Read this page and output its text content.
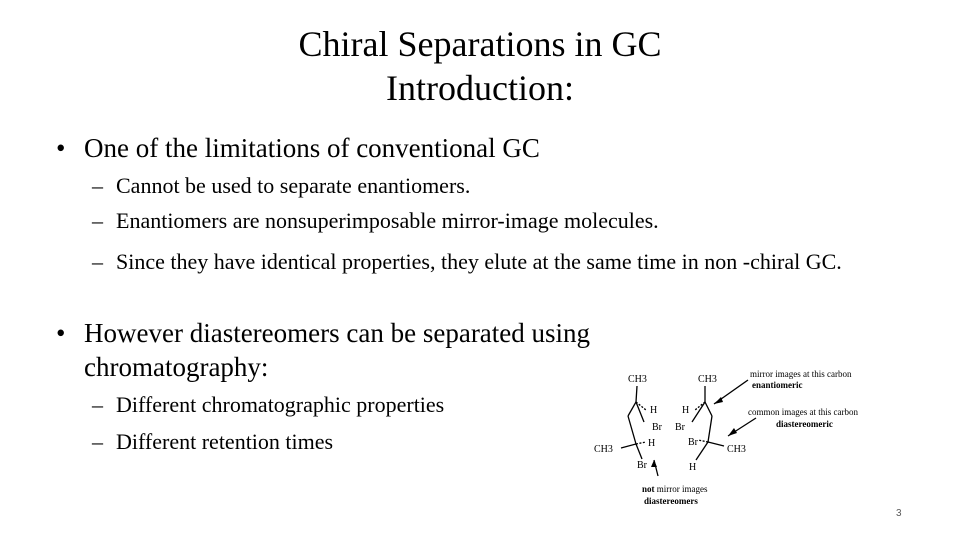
Chiral Separations in GC
Introduction:
• One of the limitations of conventional GC
– Cannot be used to separate enantiomers.
– Enantiomers are nonsuperimposable mirror-image molecules.
– Since they have identical properties, they elute at the same time in non -chiral GC.
• However diastereomers can be separated using chromatography:
– Different chromatographic properties
– Different retention times
CH3	CH3
H
Br
H
Br
CH3
H
Br
Br
CH3
H
mirror images at this carbon
enantiomeric
common images at this carbon
diastereomeric
not mirror images
diastereomers
3
